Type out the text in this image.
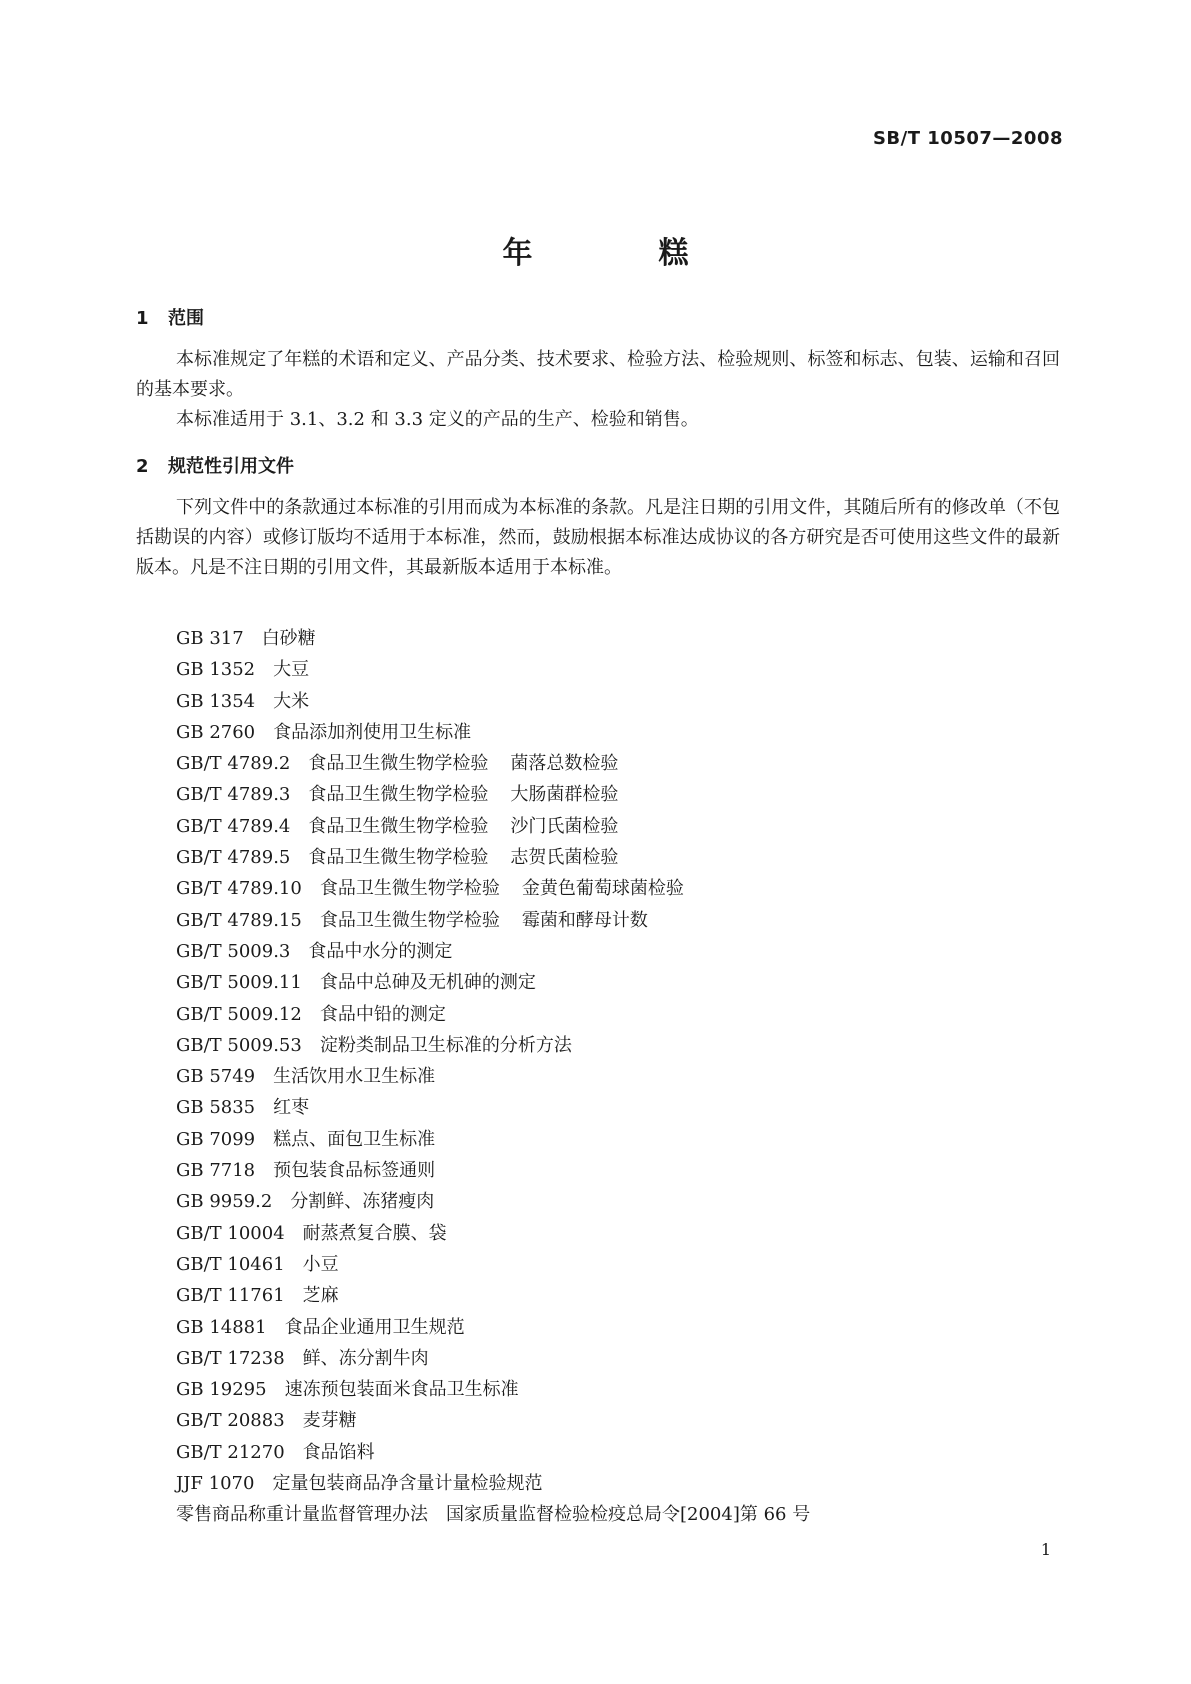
SB/T 10507—2008
年	糕
1 范围
本标准规定了年糕的术语和定义、产品分类、技术要求、检验方法、检验规则、标签和标志、包装、运输和召回的基本要求。
本标准适用于 3.1、3.2 和 3.3 定义的产品的生产、检验和销售。
2 规范性引用文件
下列文件中的条款通过本标准的引用而成为本标准的条款。凡是注日期的引用文件，其随后所有的修改单（不包括勘误的内容）或修订版均不适用于本标准，然而，鼓励根据本标准达成协议的各方研究是否可使用这些文件的最新版本。凡是不注日期的引用文件，其最新版本适用于本标准。
GB 317 白砂糖
GB 1352 大豆
GB 1354 大米
GB 2760 食品添加剂使用卫生标准
GB/T 4789.2 食品卫生微生物学检验 菌落总数检验
GB/T 4789.3 食品卫生微生物学检验 大肠菌群检验
GB/T 4789.4 食品卫生微生物学检验 沙门氏菌检验
GB/T 4789.5 食品卫生微生物学检验 志贺氏菌检验
GB/T 4789.10 食品卫生微生物学检验 金黄色葡萄球菌检验
GB/T 4789.15 食品卫生微生物学检验 霉菌和酵母计数
GB/T 5009.3 食品中水分的测定
GB/T 5009.11 食品中总砷及无机砷的测定
GB/T 5009.12 食品中铅的测定
GB/T 5009.53 淀粉类制品卫生标准的分析方法
GB 5749 生活饮用水卫生标准
GB 5835 红枣
GB 7099 糕点、面包卫生标准
GB 7718 预包装食品标签通则
GB 9959.2 分割鲜、冻猪瘦肉
GB/T 10004 耐蒸煮复合膜、袋
GB/T 10461 小豆
GB/T 11761 芝麻
GB 14881 食品企业通用卫生规范
GB/T 17238 鲜、冻分割牛肉
GB 19295 速冻预包装面米食品卫生标准
GB/T 20883 麦芽糖
GB/T 21270 食品馅料
JJF 1070 定量包装商品净含量计量检验规范
零售商品称重计量监督管理办法 国家质量监督检验检疫总局令[2004]第 66 号
1
